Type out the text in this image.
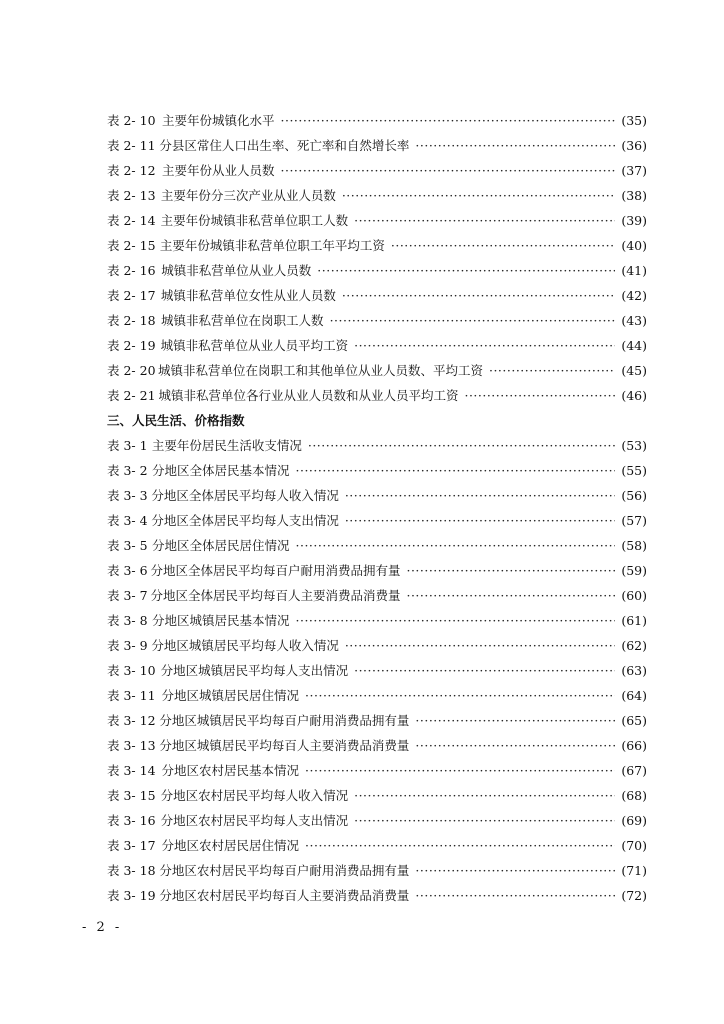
表 2- 10 主要年份城镇化水平 ·····	(35)
表 2- 11 分县区常住人口出生率、死亡率和自然增长率 ·····	(36)
表 2- 12 主要年份从业人员数 ·····	(37)
表 2- 13 主要年份分三次产业从业人员数 ·····	(38)
表 2- 14 主要年份城镇非私营单位职工人数 ·····	(39)
表 2- 15 主要年份城镇非私营单位职工年平均工资 ·····	(40)
表 2- 16 城镇非私营单位从业人员数 ·····	(41)
表 2- 17 城镇非私营单位女性从业人员数 ·····	(42)
表 2- 18 城镇非私营单位在岗职工人数 ·····	(43)
表 2- 19 城镇非私营单位从业人员平均工资 ·····	(44)
表 2- 20 城镇非私营单位在岗职工和其他单位从业人员数、平均工资 ·····	(45)
表 2- 21 城镇非私营单位各行业从业人员数和从业人员平均工资 ·····	(46)
三、人民生活、价格指数
表 3- 1 主要年份居民生活收支情况 ·····	(53)
表 3- 2 分地区全体居民基本情况 ·····	(55)
表 3- 3 分地区全体居民平均每人收入情况 ·····	(56)
表 3- 4 分地区全体居民平均每人支出情况 ·····	(57)
表 3- 5 分地区全体居民居住情况 ·····	(58)
表 3- 6 分地区全体居民平均每百户耐用消费品拥有量 ·····	(59)
表 3- 7 分地区全体居民平均每百人主要消费品消费量 ·····	(60)
表 3- 8 分地区城镇居民基本情况 ·····	(61)
表 3- 9 分地区城镇居民平均每人收入情况 ·····	(62)
表 3- 10 分地区城镇居民平均每人支出情况 ·····	(63)
表 3- 11 分地区城镇居民居住情况 ·····	(64)
表 3- 12 分地区城镇居民平均每百户耐用消费品拥有量 ·····	(65)
表 3- 13 分地区城镇居民平均每百人主要消费品消费量 ·····	(66)
表 3- 14 分地区农村居民基本情况 ·····	(67)
表 3- 15 分地区农村居民平均每人收入情况 ·····	(68)
表 3- 16 分地区农村居民平均每人支出情况 ·····	(69)
表 3- 17 分地区农村居民居住情况 ·····	(70)
表 3- 18 分地区农村居民平均每百户耐用消费品拥有量 ·····	(71)
表 3- 19 分地区农村居民平均每百人主要消费品消费量 ·····	(72)
- 2 -
